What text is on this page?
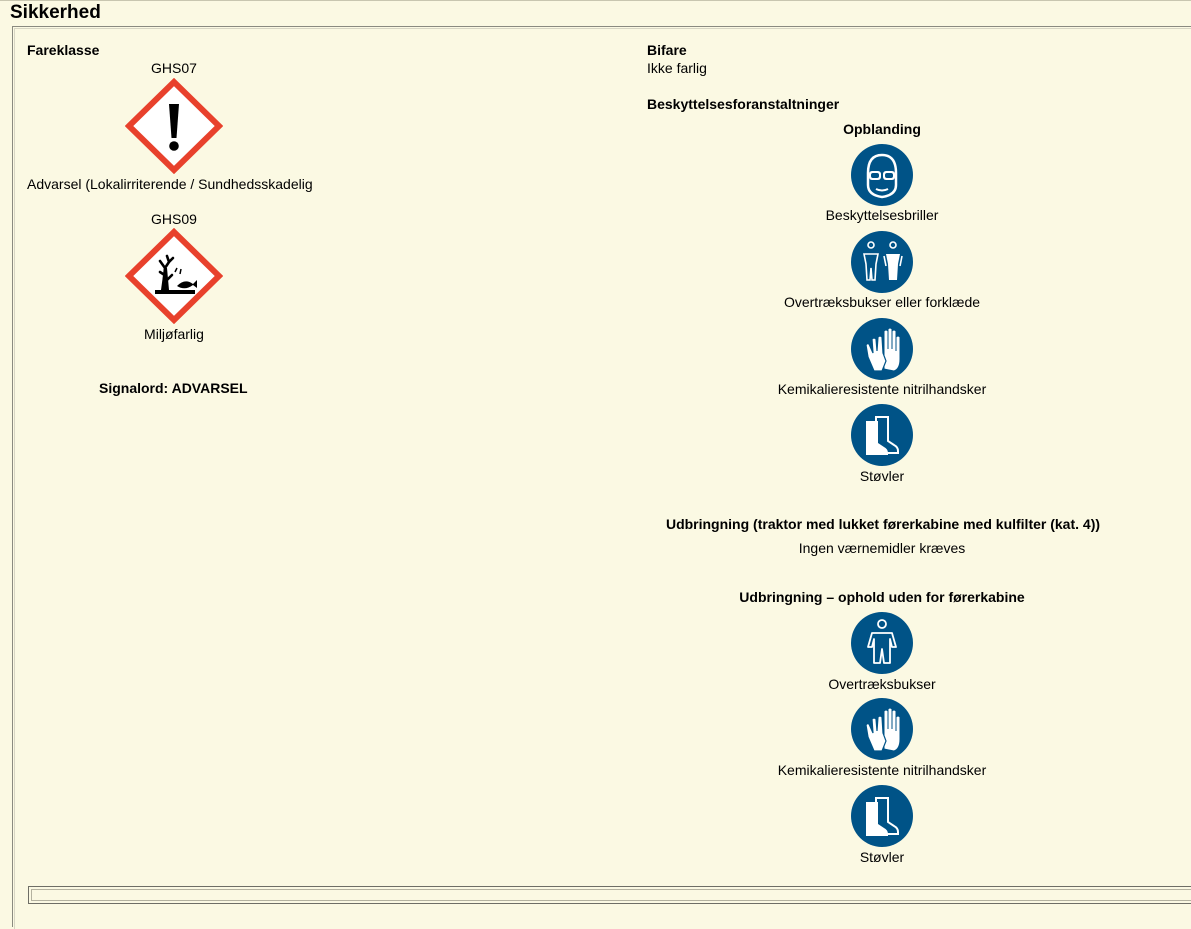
Sikkerhed
Fareklasse
GHS07
Advarsel (Lokalirriterende / Sundhedsskadelig
GHS09
Miljøfarlig
Signalord: ADVARSEL
Bifare
Ikke farlig
Beskyttelsesforanstaltninger
Opblanding
Beskyttelsesbriller
Overtræksbukser eller forklæde
Kemikalieresistente nitrilhandsker
Støvler
Udbringning (traktor med lukket førerkabine med kulfilter (kat. 4))
Ingen værnemidler kræves
Udbringning – ophold uden for førerkabine
Overtræksbukser
Kemikalieresistente nitrilhandsker
Støvler
